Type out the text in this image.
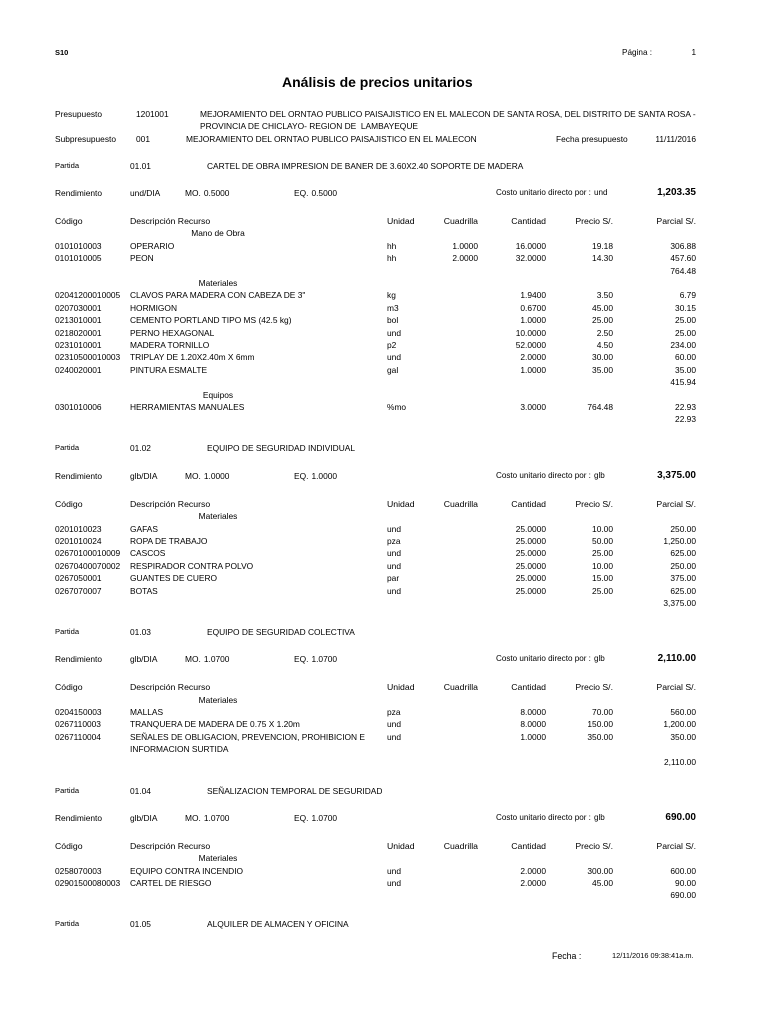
S10	Página :	1
Análisis de precios unitarios
Presupuesto	1201001	MEJORAMIENTO DEL ORNTAO PUBLICO PAISAJISTICO EN EL MALECON DE SANTA ROSA, DEL DISTRITO DE SANTA ROSA -
PROVINCIA DE CHICLAYO- REGION DE  LAMBAYEQUE
Subpresupuesto 001	MEJORAMIENTO DEL ORNTAO PUBLICO PAISAJISTICO EN EL MALECON	Fecha presupuesto	11/11/2016
Partida	01.01	CARTEL DE OBRA IMPRESION DE BANER DE 3.60X2.40 SOPORTE DE MADERA
Rendimiento	und/DIA	MO. 0.5000	EQ. 0.5000	Costo unitario directo por : und	1,203.35
Código	Descripción Recurso	Unidad	Cuadrilla	Cantidad	Precio S/.	Parcial S/.
Mano de Obra
0101010003	OPERARIO	hh	1.0000	16.0000	19.18	306.88
0101010005	PEON	hh	2.0000	32.0000	14.30	457.60
764.48
Materiales
02041200010005 CLAVOS PARA MADERA CON CABEZA DE 3"	kg	1.9400	3.50	6.79
0207030001	HORMIGON	m3	0.6700	45.00	30.15
0213010001	CEMENTO PORTLAND TIPO MS (42.5 kg)	bol	1.0000	25.00	25.00
0218020001	PERNO HEXAGONAL	und	10.0000	2.50	25.00
0231010001	MADERA TORNILLO	p2	52.0000	4.50	234.00
02310500010003 TRIPLAY DE 1.20X2.40m X 6mm	und	2.0000	30.00	60.00
0240020001	PINTURA ESMALTE	gal	1.0000	35.00	35.00
415.94
Equipos
0301010006	HERRAMIENTAS MANUALES	%mo	3.0000	764.48	22.93
22.93
Partida	01.02	EQUIPO DE SEGURIDAD INDIVIDUAL
Rendimiento	glb/DIA	MO. 1.0000	EQ. 1.0000	Costo unitario directo por : glb	3,375.00
Código	Descripción Recurso	Unidad	Cuadrilla	Cantidad	Precio S/.	Parcial S/.
Materiales
0201010023	GAFAS	und	25.0000	10.00	250.00
0201010024	ROPA DE TRABAJO	pza	25.0000	50.00	1,250.00
02670100010009 CASCOS	und	25.0000	25.00	625.00
02670400070002 RESPIRADOR CONTRA POLVO	und	25.0000	10.00	250.00
0267050001	GUANTES DE CUERO	par	25.0000	15.00	375.00
0267070007	BOTAS	und	25.0000	25.00	625.00
3,375.00
Partida	01.03	EQUIPO DE SEGURIDAD COLECTIVA
Rendimiento	glb/DIA	MO. 1.0700	EQ. 1.0700	Costo unitario directo por : glb	2,110.00
Código	Descripción Recurso	Unidad	Cuadrilla	Cantidad	Precio S/.	Parcial S/.
Materiales
0204150003	MALLAS	pza	8.0000	70.00	560.00
0267110003	TRANQUERA DE MADERA DE 0.75 X 1.20m	und	8.0000	150.00	1,200.00
0267110004	SEÑALES DE OBLIGACION, PREVENCION, PROHIBICION E INFORMACION SURTIDA
und	1.0000	350.00	350.00
2,110.00
Partida	01.04	SEÑALIZACION TEMPORAL DE SEGURIDAD
Rendimiento	glb/DIA	MO. 1.0700	EQ. 1.0700	Costo unitario directo por : glb	690.00
Código	Descripción Recurso	Unidad	Cuadrilla	Cantidad	Precio S/.	Parcial S/.
Materiales
0258070003	EQUIPO CONTRA INCENDIO	und	2.0000	300.00	600.00
02901500080003 CARTEL DE RIESGO	und	2.0000	45.00	90.00
690.00
Partida	01.05	ALQUILER DE ALMACEN Y OFICINA
Fecha :	12/11/2016 09:38:41a.m.
